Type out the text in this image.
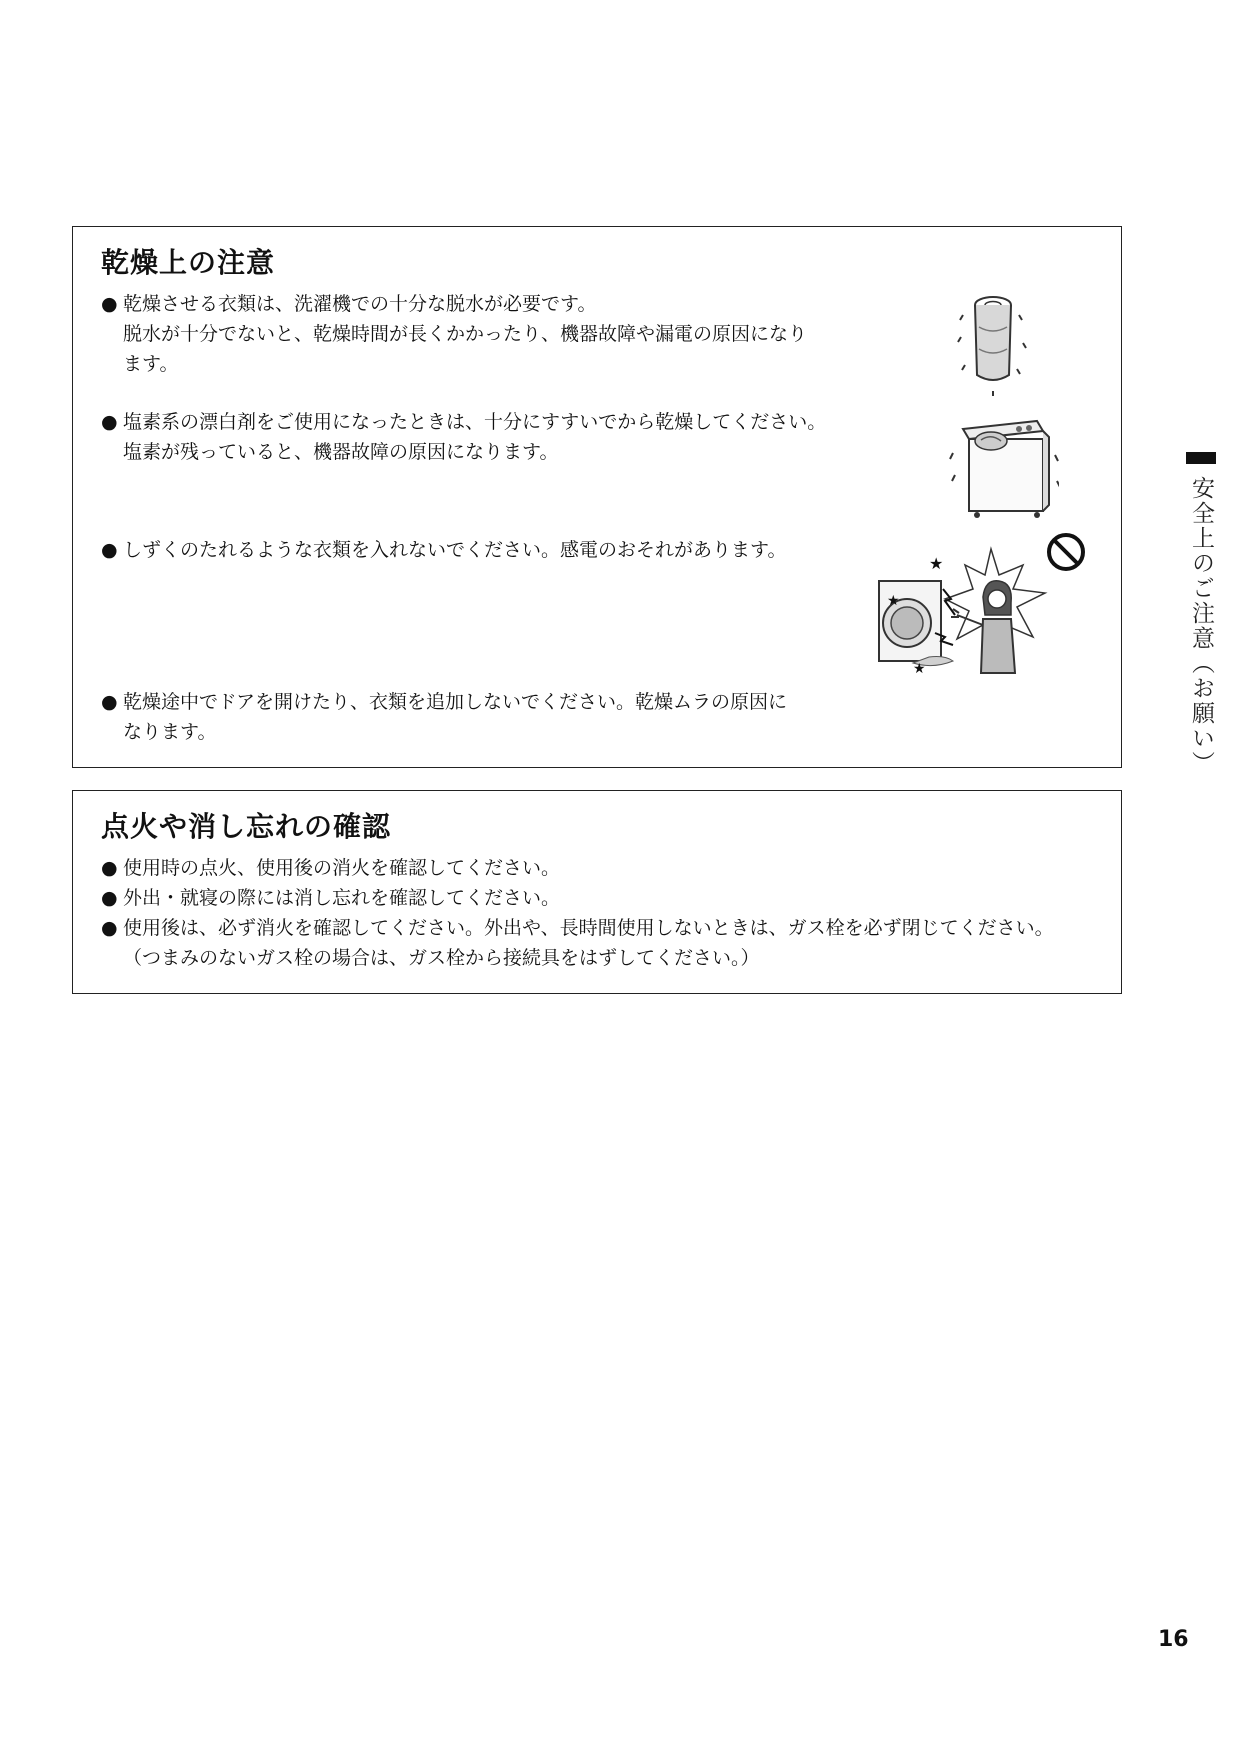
乾燥上の注意
● 乾燥させる衣類は、洗濯機での十分な脱水が必要です。
脱水が十分でないと、乾燥時間が長くかかったり、機器故障や漏電の原因になり
ます。
● 塩素系の漂白剤をご使用になったときは、十分にすすいでから乾燥してください。
塩素が残っていると、機器故障の原因になります。
● しずくのたれるような衣類を入れないでください。感電のおそれがあります。
● 乾燥途中でドアを開けたり、衣類を追加しないでください。乾燥ムラの原因に
なります。
★
★
★
点火や消し忘れの確認
● 使用時の点火、使用後の消火を確認してください。
● 外出・就寝の際には消し忘れを確認してください。
● 使用後は、必ず消火を確認してください。外出や、長時間使用しないときは、ガス栓を必ず閉じてください。
（つまみのないガス栓の場合は、ガス栓から接続具をはずしてください。）
安全上のご注意（お願い）
16
